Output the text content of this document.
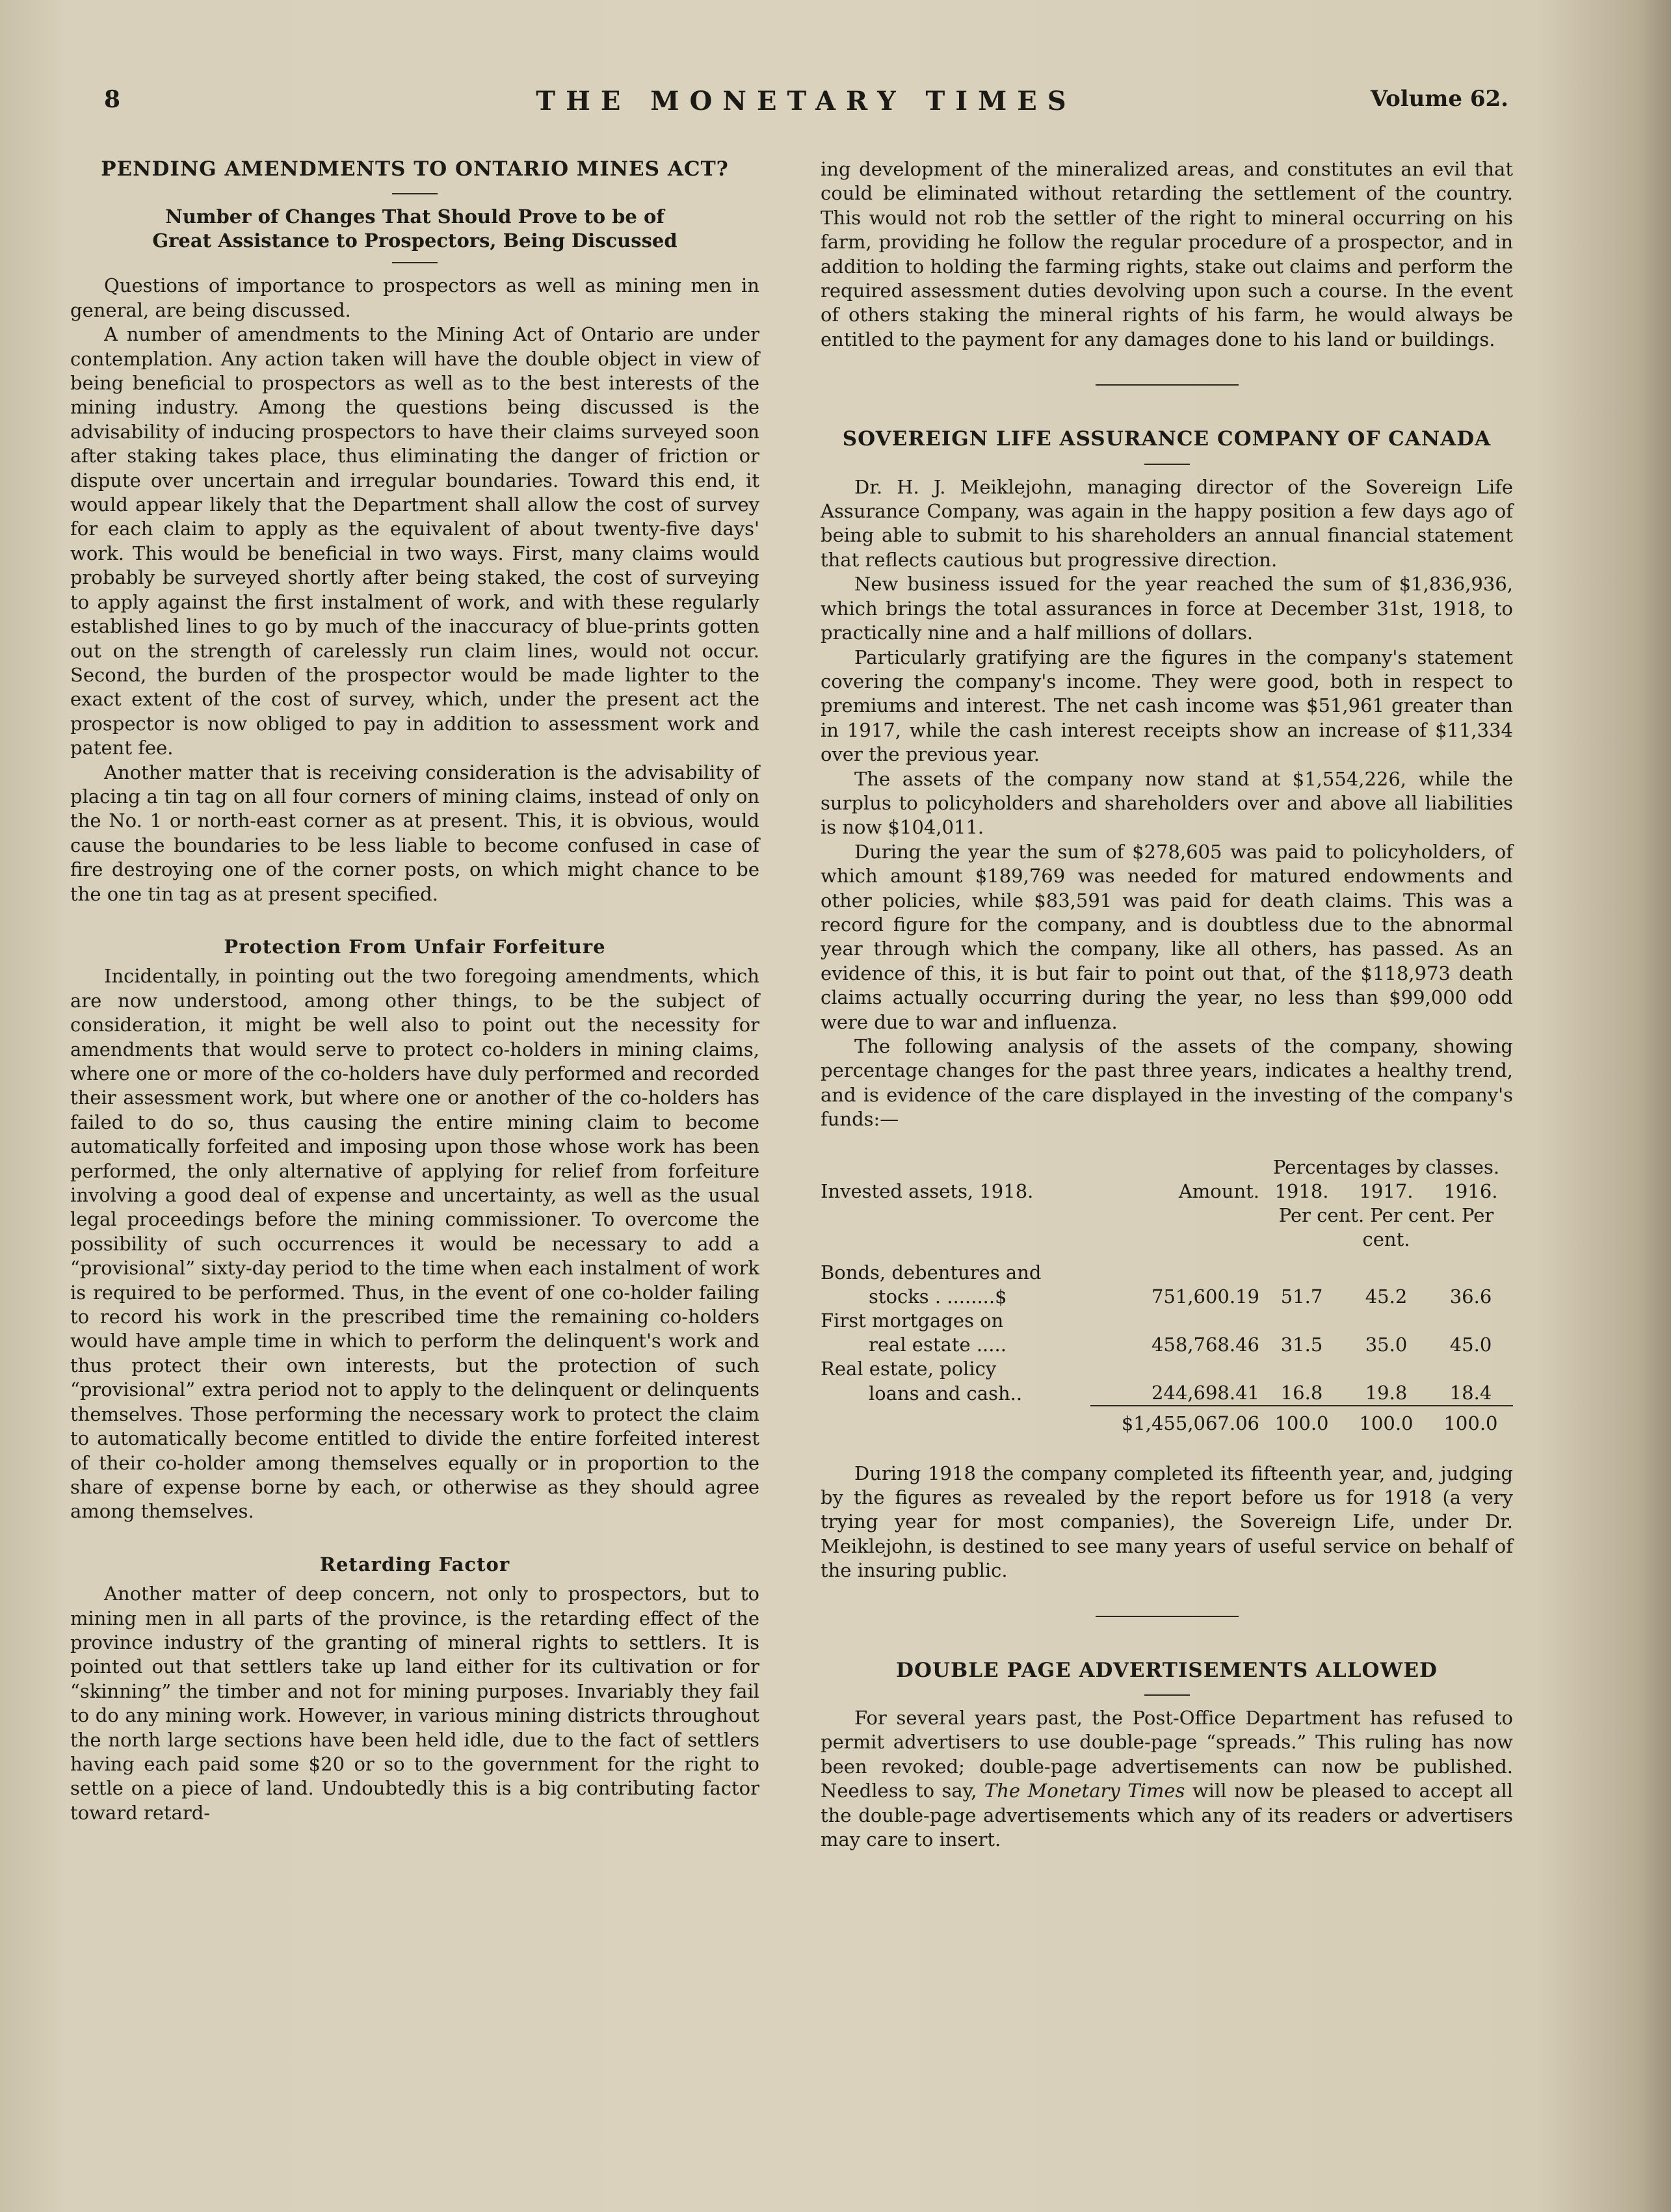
8	THE MONETARY TIMES	Volume 62.
PENDING AMENDMENTS TO ONTARIO MINES ACT?
Number of Changes That Should Prove to be of Great Assistance to Prospectors, Being Discussed

Questions of importance to prospectors as well as mining men in general, are being discussed.

A number of amendments to the Mining Act of Ontario are under contemplation. Any action taken will have the double object in view of being beneficial to prospectors as well as to the best interests of the mining industry. Among the questions being discussed is the advisability of inducing prospectors to have their claims surveyed soon after staking takes place, thus eliminating the danger of friction or dispute over uncertain and irregular boundaries. Toward this end, it would appear likely that the Department shall allow the cost of survey for each claim to apply as the equivalent of about twenty-five days' work. This would be beneficial in two ways. First, many claims would probably be surveyed shortly after being staked, the cost of surveying to apply against the first instalment of work, and with these regularly established lines to go by much of the inaccuracy of blue-prints gotten out on the strength of carelessly run claim lines, would not occur. Second, the burden of the prospector would be made lighter to the exact extent of the cost of survey, which, under the present act the prospector is now obliged to pay in addition to assessment work and patent fee.

Another matter that is receiving consideration is the advisability of placing a tin tag on all four corners of mining claims, instead of only on the No. 1 or north-east corner as at present. This, it is obvious, would cause the boundaries to be less liable to become confused in case of fire destroying one of the corner posts, on which might chance to be the one tin tag as at present specified.

Protection From Unfair Forfeiture

Incidentally, in pointing out the two foregoing amendments, which are now understood, among other things, to be the subject of consideration, it might be well also to point out the necessity for amendments that would serve to protect co-holders in mining claims, where one or more of the co-holders have duly performed and recorded their assessment work, but where one or another of the co-holders has failed to do so, thus causing the entire mining claim to become automatically forfeited and imposing upon those whose work has been performed, the only alternative of applying for relief from forfeiture involving a good deal of expense and uncertainty, as well as the usual legal proceedings before the mining commissioner. To overcome the possibility of such occurrences it would be necessary to add a “provisional” sixty-day period to the time when each instalment of work is required to be performed. Thus, in the event of one co-holder failing to record his work in the prescribed time the remaining co-holders would have ample time in which to perform the delinquent's work and thus protect their own interests, but the protection of such “provisional” extra period not to apply to the delinquent or delinquents themselves. Those performing the necessary work to protect the claim to automatically become entitled to divide the entire forfeited interest of their co-holder among themselves equally or in proportion to the share of expense borne by each, or otherwise as they should agree among themselves.

Retarding Factor

Another matter of deep concern, not only to prospectors, but to mining men in all parts of the province, is the retarding effect of the province industry of the granting of mineral rights to settlers. It is pointed out that settlers take up land either for its cultivation or for “skinning” the timber and not for mining purposes. Invariably they fail to do any mining work. However, in various mining districts throughout the north large sections have been held idle, due to the fact of settlers having each paid some $20 or so to the government for the right to settle on a piece of land. Undoubtedly this is a big contributing factor toward retard-

ing development of the mineralized areas, and constitutes an evil that could be eliminated without retarding the settlement of the country. This would not rob the settler of the right to mineral occurring on his farm, providing he follow the regular procedure of a prospector, and in addition to holding the farming rights, stake out claims and perform the required assessment duties devolving upon such a course. In the event of others staking the mineral rights of his farm, he would always be entitled to the payment for any damages done to his land or buildings.

SOVEREIGN LIFE ASSURANCE COMPANY OF CANADA

Dr. H. J. Meiklejohn, managing director of the Sovereign Life Assurance Company, was again in the happy position a few days ago of being able to submit to his shareholders an annual financial statement that reflects cautious but progressive direction.

New business issued for the year reached the sum of $1,836,936, which brings the total assurances in force at December 31st, 1918, to practically nine and a half millions of dollars.

Particularly gratifying are the figures in the company's statement covering the company's income. They were good, both in respect to premiums and interest. The net cash income was $51,961 greater than in 1917, while the cash interest receipts show an increase of $11,334 over the previous year.

The assets of the company now stand at $1,554,226, while the surplus to policyholders and shareholders over and above all liabilities is now $104,011.

During the year the sum of $278,605 was paid to policyholders, of which amount $189,769 was needed for matured endowments and other policies, while $83,591 was paid for death claims. This was a record figure for the company, and is doubtless due to the abnormal year through which the company, like all others, has passed. As an evidence of this, it is but fair to point out that, of the $118,973 death claims actually occurring during the year, no less than $99,000 odd were due to war and influenza.

The following analysis of the assets of the company, showing percentage changes for the past three years, indicates a healthy trend, and is evidence of the care displayed in the investing of the company's funds:—

		Percentages by classes.		
Invested assets, 1918.	Amount.	1918.	1917.	1916.
		Per cent. Per cent. Per cent.		
Bonds, debentures and				
stocks . ........$	751,600.19	51.7	45.2	36.6
First mortgages on				
real estate .....	458,768.46	31.5	35.0	45.0
Real estate, policy				
loans and cash..	244,698.41	16.8	19.8	18.4
	$1,455,067.06	100.0	100.0	100.0

During 1918 the company completed its fifteenth year, and, judging by the figures as revealed by the report before us for 1918 (a very trying year for most companies), the Sovereign Life, under Dr. Meiklejohn, is destined to see many years of useful service on behalf of the insuring public.

DOUBLE PAGE ADVERTISEMENTS ALLOWED

For several years past, the Post-Office Department has refused to permit advertisers to use double-page “spreads.” This ruling has now been revoked; double-page advertisements can now be published. Needless to say, The Monetary Times will now be pleased to accept all the double-page advertisements which any of its readers or advertisers may care to insert.
